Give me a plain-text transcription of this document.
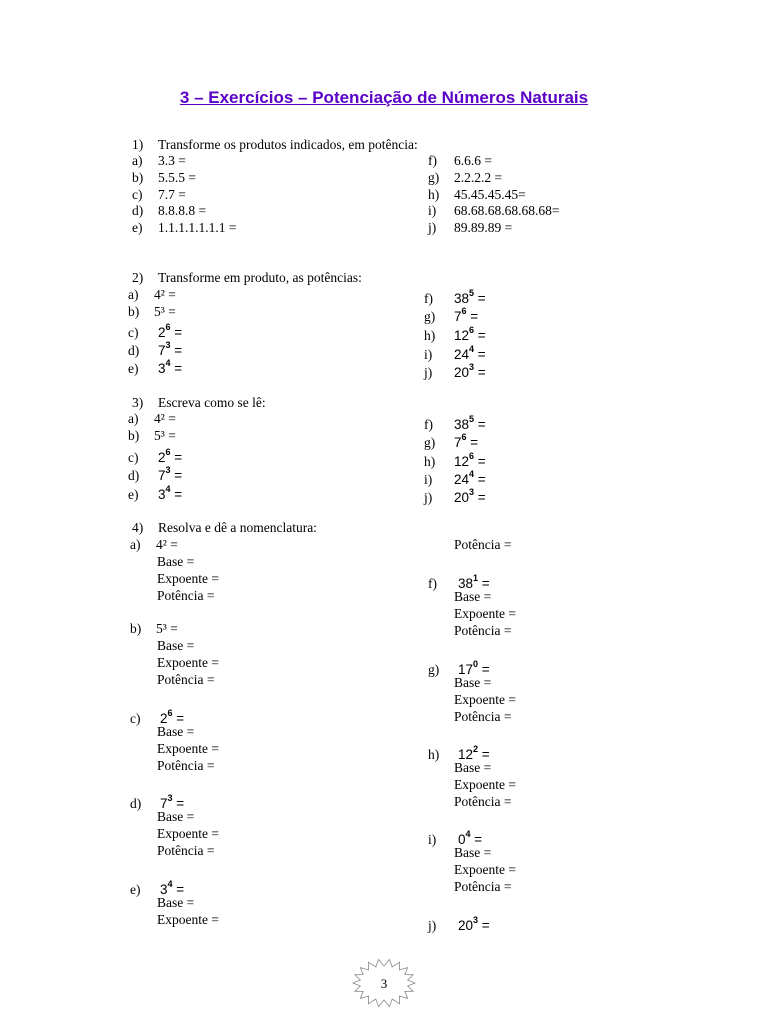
3 – Exercícios – Potenciação de Números Naturais
1) Transforme os produtos indicados, em potência:
a) 3.3 =
b) 5.5.5 =
c) 7.7 =
d) 8.8.8.8 =
e) 1.1.1.1.1.1.1 =
f) 6.6.6 =
g) 2.2.2.2 =
h) 45.45.45.45=
i) 68.68.68.68.68.68=
j) 89.89.89 =
2) Transforme em produto, as potências:
a) 4² =
b) 5³ =
c) $2^6$ =
d) $7^3$ =
e) $3^4$ =
f) $38^5$ =
g) $7^6$ =
h) $12^6$ =
i) $24^4$ =
j) $20^3$ =
3) Escreva como se lê:
a) 4² =
b) 5³ =
c) $2^6$ =
d) $7^3$ =
e) $3^4$ =
f) $38^5$ =
g) $7^6$ =
h) $12^6$ =
i) $24^4$ =
j) $20^3$ =
4) Resolva e dê a nomenclatura:
a) 4² =
Base =
Expoente =
Potência =
b) 5³ =
Base =
Expoente =
Potência =
c) $2^6$ =
Base =
Expoente =
Potência =
d) $7^3$ =
Base =
Expoente =
Potência =
e) $3^4$ =
Base =
Expoente =
Potência =
f) $38^1$ =
Base =
Expoente =
Potência =
g) $17^0$ =
Base =
Expoente =
Potência =
h) $12^2$ =
Base =
Expoente =
Potência =
i) $0^4$ =
Base =
Expoente =
Potência =
j) $20^3$ =
3
